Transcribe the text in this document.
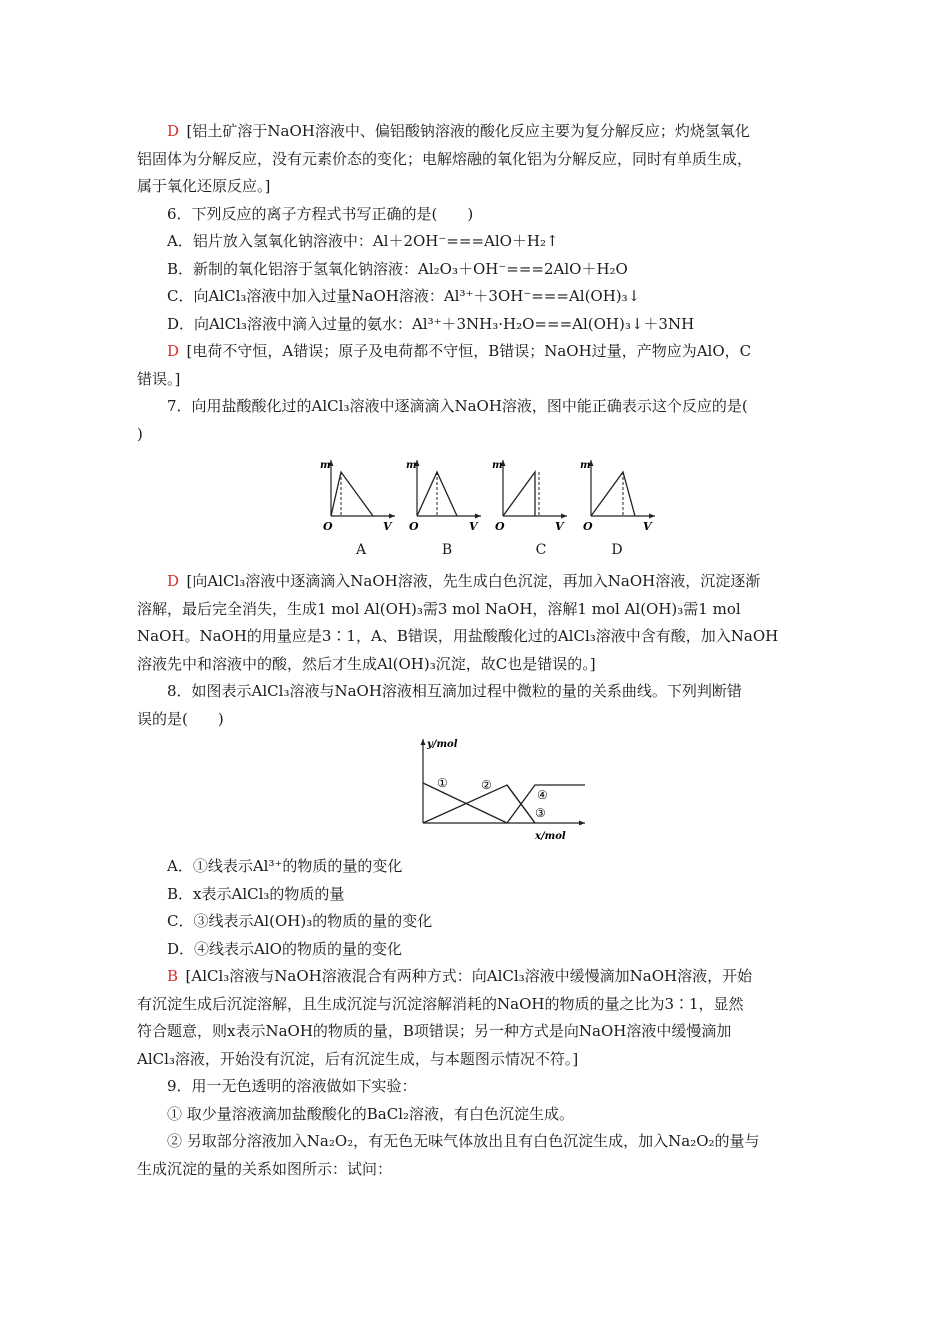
D  [铝土矿溶于NaOH溶液中、偏铝酸钠溶液的酸化反应主要为复分解反应；灼烧氢氧化

铝固体为分解反应，没有元素价态的变化；电解熔融的氧化铝为分解反应，同时有单质生成，

属于氧化还原反应。]

6．下列反应的离子方程式书写正确的是(　　)

A．铝片放入氢氧化钠溶液中：Al＋2OH⁻===AlO＋H₂↑

B．新制的氧化铝溶于氢氧化钠溶液：Al₂O₃＋OH⁻===2AlO＋H₂O

C．向AlCl₃溶液中加入过量NaOH溶液：Al³⁺＋3OH⁻===Al(OH)₃↓

D．向AlCl₃溶液中滴入过量的氨水：Al³⁺＋3NH₃·H₂O===Al(OH)₃↓＋3NH

D  [电荷不守恒，A错误；原子及电荷都不守恒，B错误；NaOH过量，产物应为AlO，C

错误。]

7．向用盐酸酸化过的AlCl₃溶液中逐滴滴入NaOH溶液，图中能正确表示这个反应的是(

)

m
O	V
A
m
O	V
B
m
O	V
C
m
O	V
D

D  [向AlCl₃溶液中逐滴滴入NaOH溶液，先生成白色沉淀，再加入NaOH溶液，沉淀逐渐

溶解，最后完全消失，生成1 mol Al(OH)₃需3 mol NaOH，溶解1 mol Al(OH)₃需1 mol

NaOH。NaOH的用量应是3∶1，A、B错误，用盐酸酸化过的AlCl₃溶液中含有酸，加入NaOH

溶液先中和溶液中的酸，然后才生成Al(OH)₃沉淀，故C也是错误的。]

8．如图表示AlCl₃溶液与NaOH溶液相互滴加过程中微粒的量的关系曲线。下列判断错

误的是(　　)

y/mol
x/mol
①	②
③
④

A．①线表示Al³⁺的物质的量的变化

B．x表示AlCl₃的物质的量

C．③线表示Al(OH)₃的物质的量的变化

D．④线表示AlO的物质的量的变化

B  [AlCl₃溶液与NaOH溶液混合有两种方式：向AlCl₃溶液中缓慢滴加NaOH溶液，开始

有沉淀生成后沉淀溶解，且生成沉淀与沉淀溶解消耗的NaOH的物质的量之比为3∶1，显然

符合题意，则x表示NaOH的物质的量，B项错误；另一种方式是向NaOH溶液中缓慢滴加

AlCl₃溶液，开始没有沉淀，后有沉淀生成，与本题图示情况不符。]

9．用一无色透明的溶液做如下实验：

① 取少量溶液滴加盐酸酸化的BaCl₂溶液，有白色沉淀生成。

② 另取部分溶液加入Na₂O₂，有无色无味气体放出且有白色沉淀生成，加入Na₂O₂的量与

生成沉淀的量的关系如图所示：试问：
